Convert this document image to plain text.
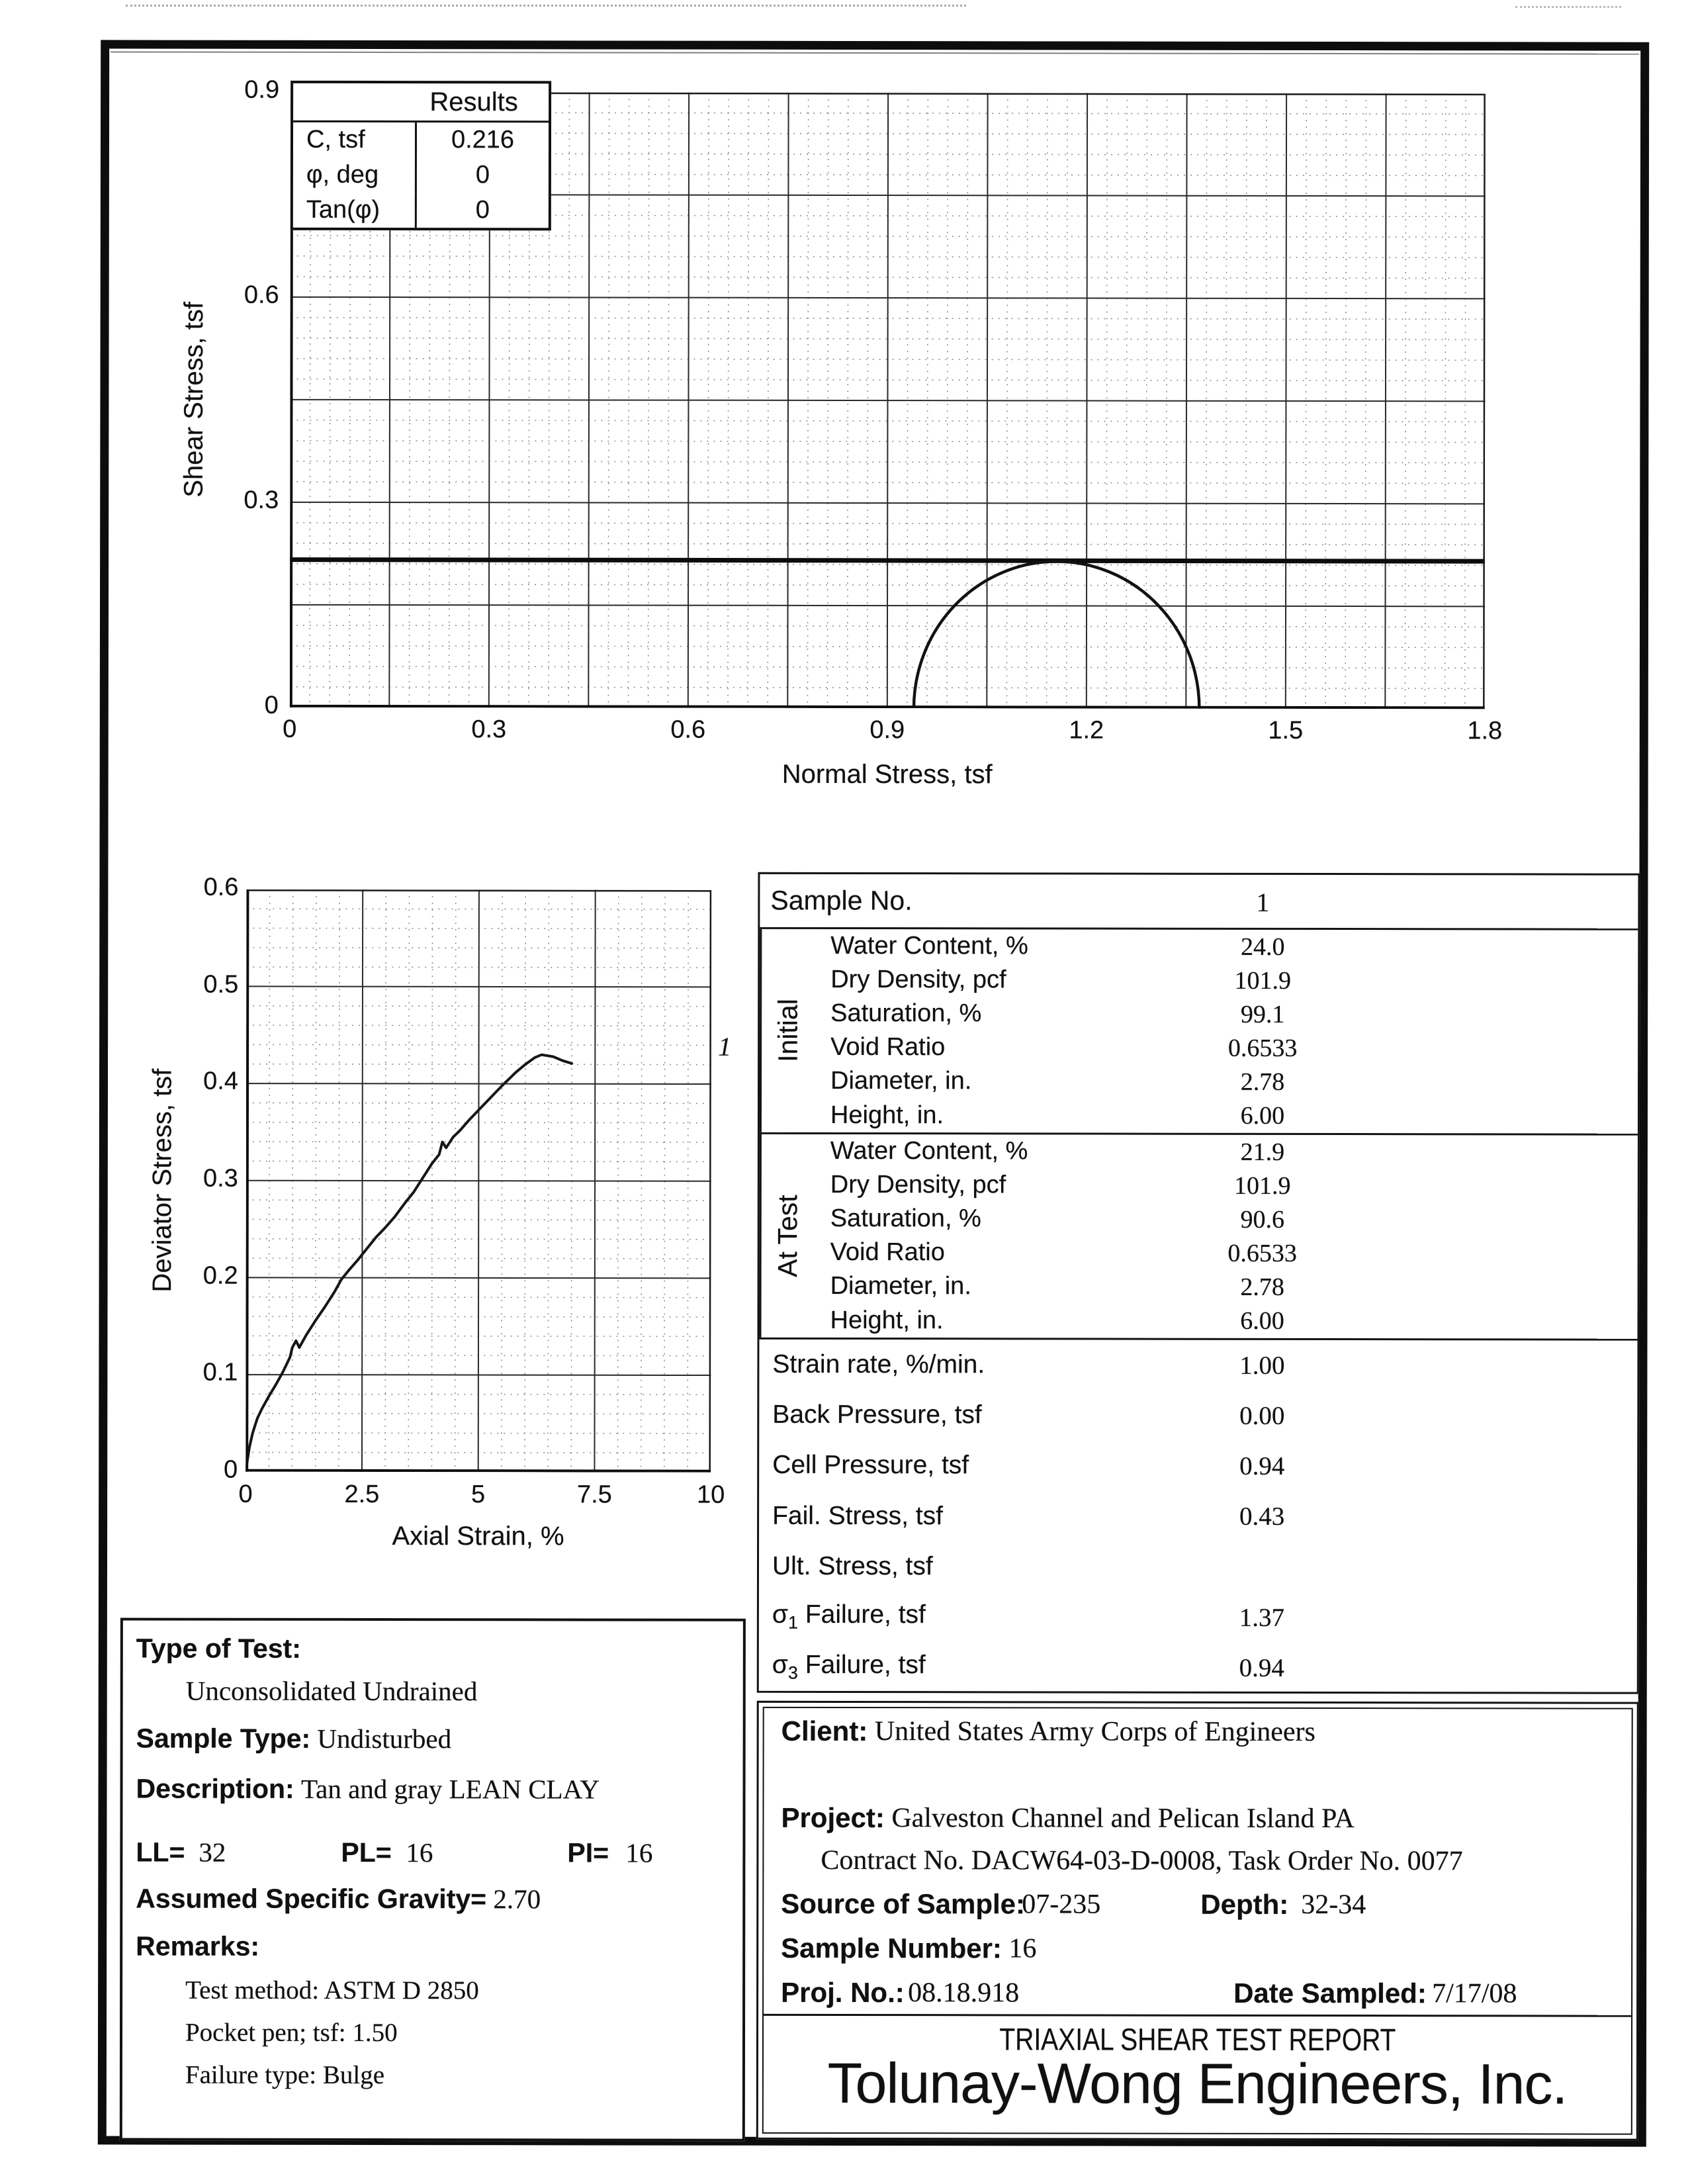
0
0.3
0.6
0.9
0	0.3	0.6	0.9	1.2	1.5	1.8
Shear Stress, tsf
Normal Stress, tsf
Results
C, tsf	0.216
φ, deg	0
Tan(φ)	0
0
0.1
0.2
0.3
0.4
0.5
0.6
0	2.5	5	7.5	10
Deviator Stress, tsf
Axial Strain, %
1
Sample No.	1
Initial
Water Content, %	24.0
Dry Density, pcf	101.9
Saturation, %	99.1
Void Ratio	0.6533
Diameter, in.	2.78
Height, in.	6.00
At Test
Water Content, %	21.9
Dry Density, pcf	101.9
Saturation, %	90.6
Void Ratio	0.6533
Diameter, in.	2.78
Height, in.	6.00
Strain rate, %/min.	1.00
Back Pressure, tsf	0.00
Cell Pressure, tsf	0.94
Fail. Stress, tsf	0.43
Ult. Stress, tsf
$\sigma_1$ Failure, tsf	1.37
$\sigma_3$ Failure, tsf	0.94
Type of Test:
Unconsolidated Undrained
Sample Type:
Undisturbed
Description:
Tan and gray LEAN CLAY
LL= 32	PL= 16	PI= 16
Assumed Specific Gravity=
2.70
Remarks:
Test method: ASTM D 2850
Pocket pen; tsf: 1.50
Failure type: Bulge
Client:
United States Army Corps of Engineers
Project:
Galveston Channel and Pelican Island PA
Contract No. DACW64-03-D-0008, Task Order No. 0077
Source of Sample:
07-235	Depth: 32-34
Sample Number:
16
Proj. No.: 08.18.918	Date Sampled: 7/17/08
TRIAXIAL SHEAR TEST REPORT
Tolunay-Wong Engineers, Inc.
